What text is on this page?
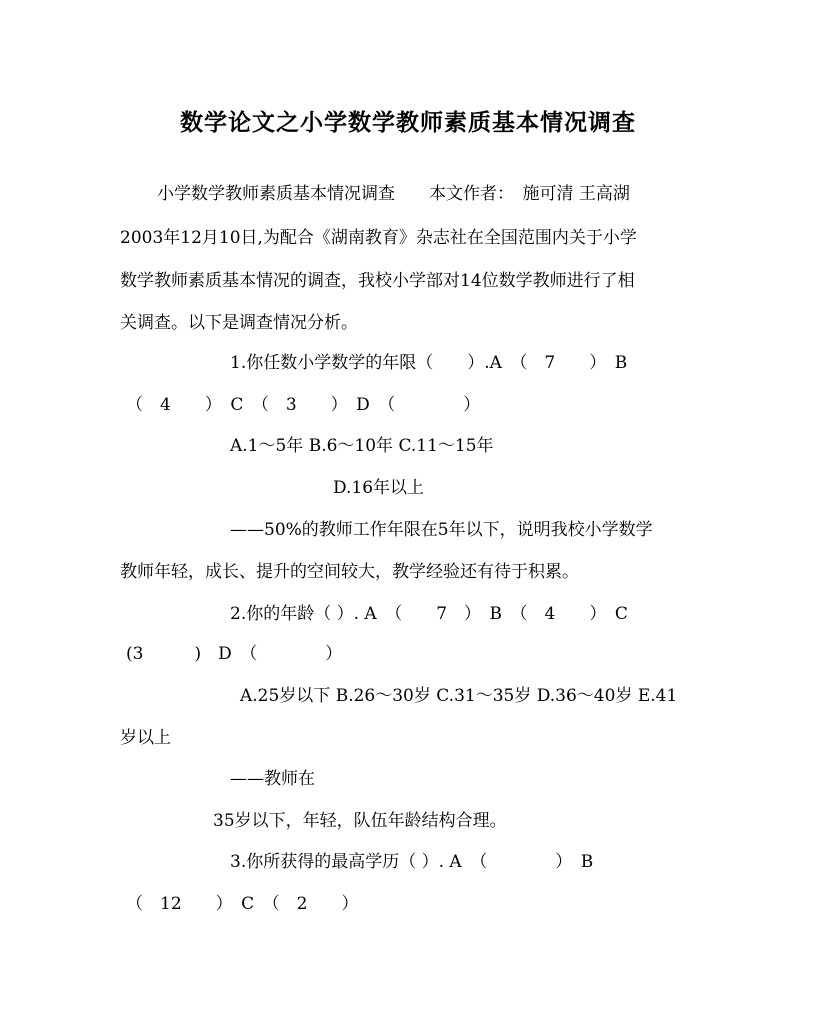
数学论文之小学数学教师素质基本情况调查
小学数学教师素质基本情况调查　　本文作者：　施可清 王高湖
2003年12月10日,为配合《湖南教育》杂志社在全国范围内关于小学
数学教师素质基本情况的调查，我校小学部对14位数学教师进行了相
关调查。以下是调查情况分析。
1.你任数小学数学的年限（　　）.A　（　7　　）　B
（　4　　）　C　（　3　　）　D　（　　　　）
A.1～5年 B.6～10年 C.11～15年
D.16年以上
——50%的教师工作年限在5年以下，说明我校小学数学
教师年轻，成长、提升的空间较大，教学经验还有待于积累。
2.你的年龄（ ）. A　（　　7　）　B　（　4　　）　C
(3　　　)　D　（　　　　）
A.25岁以下 B.26～30岁 C.31～35岁 D.36～40岁 E.41
岁以上
——教师在
35岁以下，年轻，队伍年龄结构合理。
3.你所获得的最高学历（ ）. A　（　　　　）　B
（　12　　）　C　（　2　　）
